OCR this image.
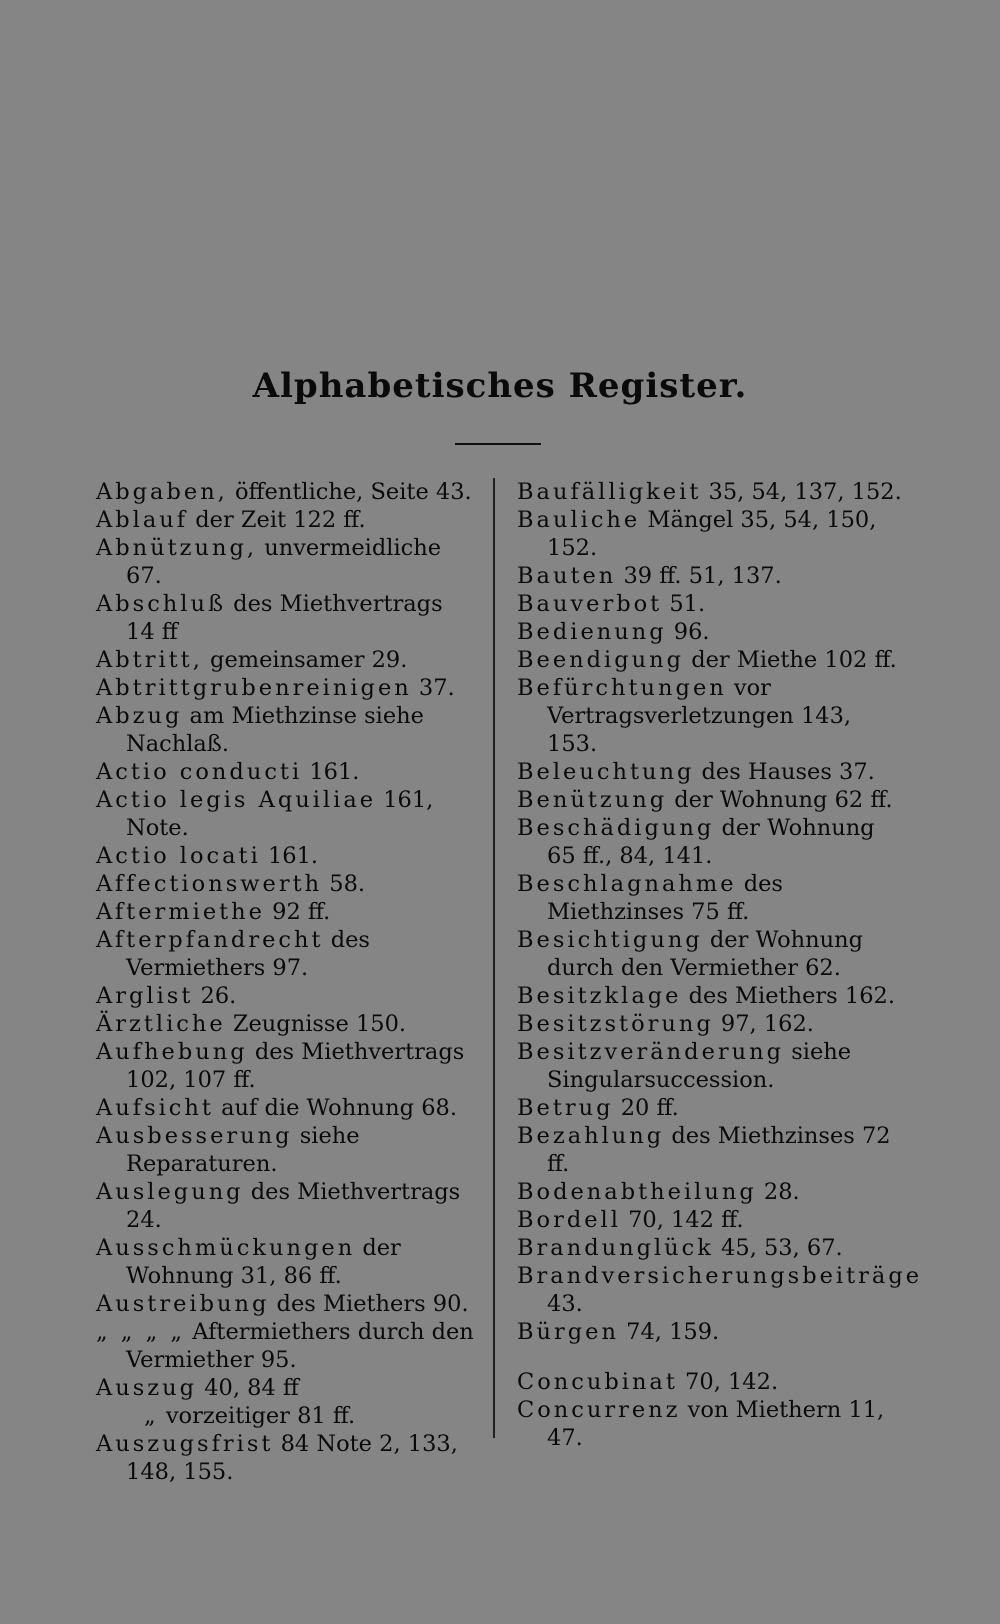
Alphabetisches Register.
Abgaben, öffentliche, Seite 43.
Ablauf der Zeit 122 ff.
Abnützung, unvermeidliche 67.
Abschluß des Miethvertrags 14 ff
Abtritt, gemeinsamer 29.
Abtrittgrubenreinigen 37.
Abzug am Miethzinse siehe Nachlaß.
Actio conducti 161.
Actio legis Aquiliae 161, Note.
Actio locati 161.
Affectionswerth 58.
Aftermiethe 92 ff.
Afterpfandrecht des Vermiethers 97.
Arglist 26.
Ärztliche Zeugnisse 150.
Aufhebung des Miethvertrags 102, 107 ff.
Aufsicht auf die Wohnung 68.
Ausbesserung siehe Reparaturen.
Auslegung des Miethvertrags 24.
Ausschmückungen der Wohnung 31, 86 ff.
Austreibung des Miethers 90.
„ „ „ „ Aftermiethers durch den Vermiether 95.
Auszug 40, 84 ff
„ vorzeitiger 81 ff.
Auszugsfrist 84 Note 2, 133, 148, 155.
Baufälligkeit 35, 54, 137, 152.
Bauliche Mängel 35, 54, 150, 152.
Bauten 39 ff. 51, 137.
Bauverbot 51.
Bedienung 96.
Beendigung der Miethe 102 ff.
Befürchtungen vor Vertragsverletzungen 143, 153.
Beleuchtung des Hauses 37.
Benützung der Wohnung 62 ff.
Beschädigung der Wohnung 65 ff., 84, 141.
Beschlagnahme des Miethzinses 75 ff.
Besichtigung der Wohnung durch den Vermiether 62.
Besitzklage des Miethers 162.
Besitzstörung 97, 162.
Besitzveränderung siehe Singularsuccession.
Betrug 20 ff.
Bezahlung des Miethzinses 72 ff.
Bodenabtheilung 28.
Bordell 70, 142 ff.
Brandunglück 45, 53, 67.
Brandversicherungsbeiträge 43.
Bürgen 74, 159.
Concubinat 70, 142.
Concurrenz von Miethern 11, 47.
